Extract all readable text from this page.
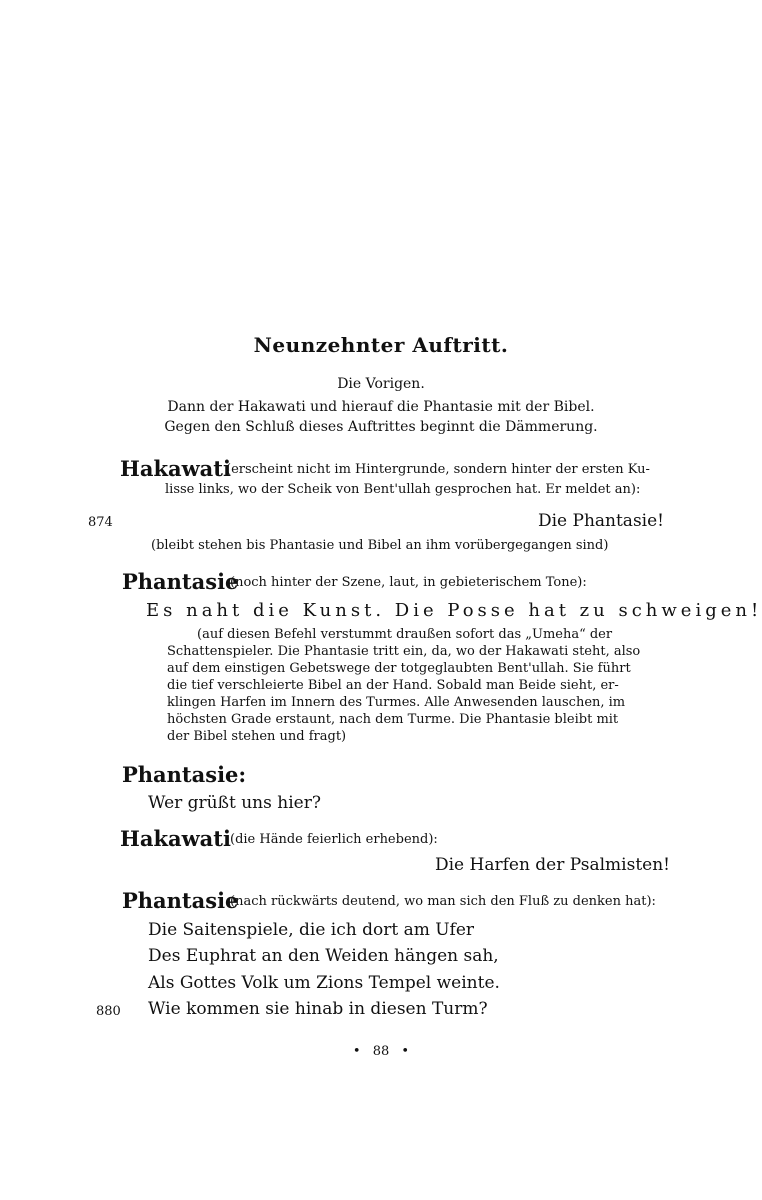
Neunzehnter Auftritt.
Die Vorigen.
Dann der Hakawati und hierauf die Phantasie mit der Bibel.
Gegen den Schluß dieses Auftrittes beginnt die Dämmerung.
Hakawati
(erscheint nicht im Hintergrunde, sondern hinter der ersten Ku-
lisse links, wo der Scheik von Bent'ullah gesprochen hat. Er meldet an):
874	Die Phantasie!
(bleibt stehen bis Phantasie und Bibel an ihm vorübergegangen sind)
Phantasie
(noch hinter der Szene, laut, in gebieterischem Tone):
Es naht die Kunst. Die Posse hat zu schweigen!
(auf diesen Befehl verstummt draußen sofort das „Umeha“ der
Schattenspieler. Die Phantasie tritt ein, da, wo der Hakawati steht, also
auf dem einstigen Gebetswege der totgeglaubten Bent'ullah. Sie führt
die tief verschleierte Bibel an der Hand. Sobald man Beide sieht, er-
klingen Harfen im Innern des Turmes. Alle Anwesenden lauschen, im
höchsten Grade erstaunt, nach dem Turme. Die Phantasie bleibt mit
der Bibel stehen und fragt)
Phantasie:
Wer grüßt uns hier?
Hakawati (die Hände feierlich erhebend):
Die Harfen der Psalmisten!
Phantasie
(nach rückwärts deutend, wo man sich den Fluß zu denken hat):
Die Saitenspiele, die ich dort am Ufer
Des Euphrat an den Weiden hängen sah,
Als Gottes Volk um Zions Tempel weinte.
880 Wie kommen sie hinab in diesen Turm?
• 88 •
